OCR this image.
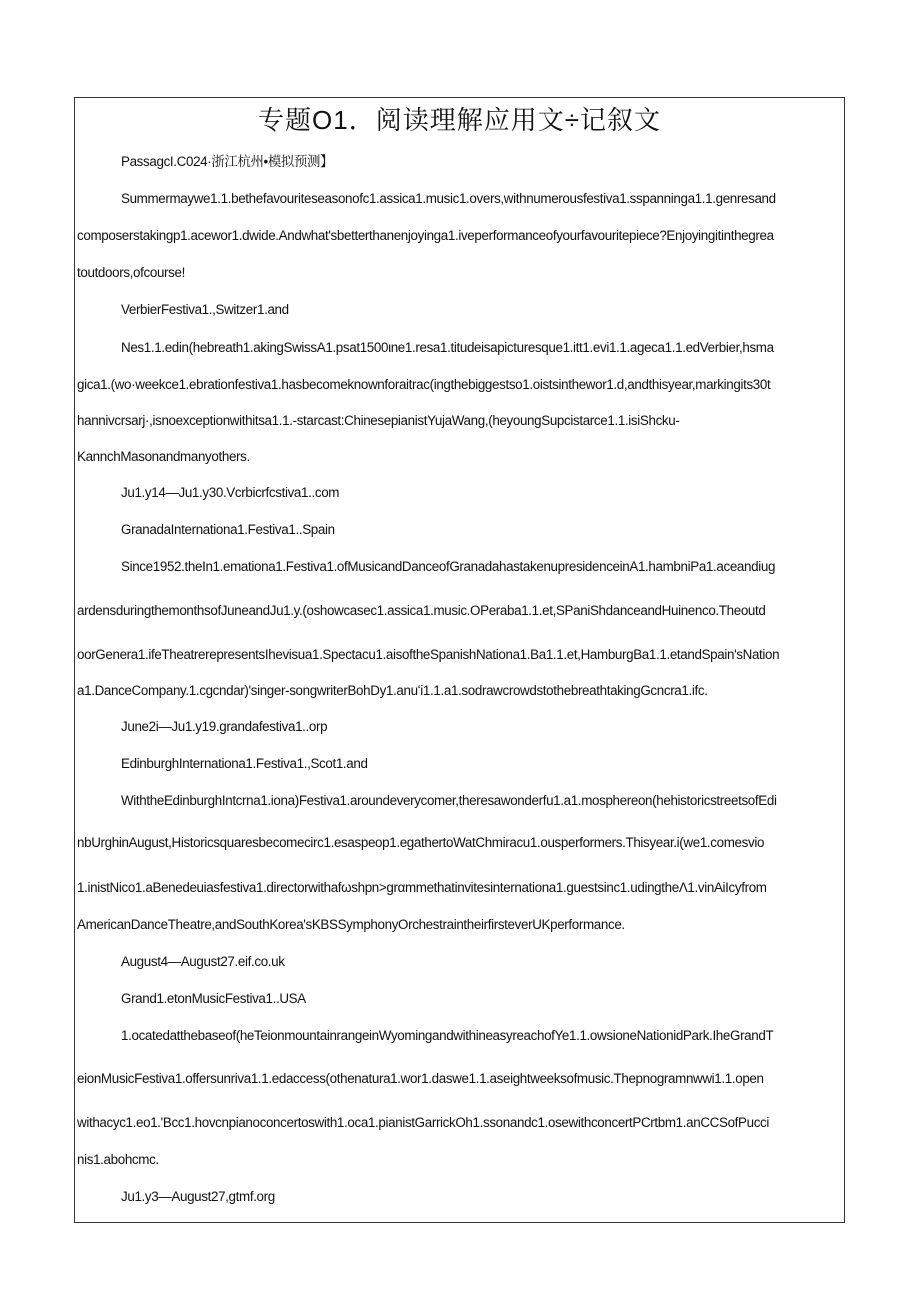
专题O1．阅读理解应用文÷记叙文
PassagcI.C024·浙江杭州•模拟预测】
Summermaywe1.1.bethefavouriteseasonofc1.assica1.music1.overs,withnumerousfestiva1.sspanninga1.1.genresand
composerstakingp1.acewor1.dwide.Andwhat'sbetterthanenjoyinga1.iveperformanceofyourfavouritepiece?Enjoyingitinthegrea
toutdoors,ofcourse!
VerbierFestiva1.,Switzer1.and
Nes1.1.edin(hebreath1.akingSwissA1.psat1500ιne1.resa1.titudeisapicturesque1.itt1.evi1.1.agecа1.1.edVerbier,hsma
gica1.(wo·weekce1.ebrationfestiva1.hasbecomeknownforaitrac(ingthebiggestso1.oistsinthewor1.d,andthisyear,markingits30t
hannivcrsarj·,isnoexceptionwithitsa1.1.-starcast:ChinesepianistYujaWang,(heyoungSupcistarce1.1.isiShcku-
KannchMasonandmanyothers.
Ju1.y14—Ju1.y30.Vcrbicrfcstiva1..com
GranadaInternationa1.Festiva1..Spain
Since1952.theIn1.emationa1.Festiva1.ofMusicandDanceofGranadahastakenupresidenceinA1.hambniPa1.aceandiug
ardensduringthemonthsofJuneandJu1.y.(oshowcasec1.assica1.music.OPeraba1.1.et,SPaniShdanceandHuinenco.Theoutd
oorGenera1.ifeTheatrerepresentsIhevisua1.Spectacu1.aisoftheSpanishNationa1.Ba1.1.et,HamburgBa1.1.etandSpain'sNation
a1.DanceCompany.1.cgcndar)'singer-songwriterBohDy1.anuʻi1.1.a1.sodrawcrowdstothebreathtakingGcncra1.ifc.
June2i—Ju1.y19.grandafestiva1..orp
EdinburghInternationa1.Festiva1.,Scot1.and
WiththeEdinburghIntcrna1.iona)Festiva1.aroundeverycomer,theresawonderfu1.a1.mosphereon(hehistoricstreetsofEdi
nbUrghinAugust,Historicsquaresbecomecirc1.esaspeop1.egathertoWatChmiracu1.ousperformers.Thisyear.i(we1.comesvio
1.inistNico1.aBenedeuiasfestiva1.directorwithafωshpn>grαmmethatinvitesinternationa1.guestsinc1.udingtheΛ1.vinAiIcyfrom
AmericanDanceTheatre,andSouthKorea'sKBSSymphonyOrchestraintheirfirsteverUKperformance.
August4—August27.eif.co.uk
Grand1.etonMusicFestiva1..USA
1.ocatedatthebaseof(heTeionmountainrangeinWyomingandwithineasyreachofYe1.1.owsioneNationidPark.IheGrandT
eionMusicFestiva1.offersunriva1.1.edaccess(othenatura1.wor1.daswe1.1.aseightweeksofmusic.Thepnogramnwwi1.1.open
withacyc1.eo1.'Bcc1.hovcnpianoconcertoswith1.oca1.pianistGarrickOh1.ssonandc1.osewithconcertPCrtbm1.anCCSofPucci
nis1.abohcmc.
Ju1.y3—August27,gtmf.org
